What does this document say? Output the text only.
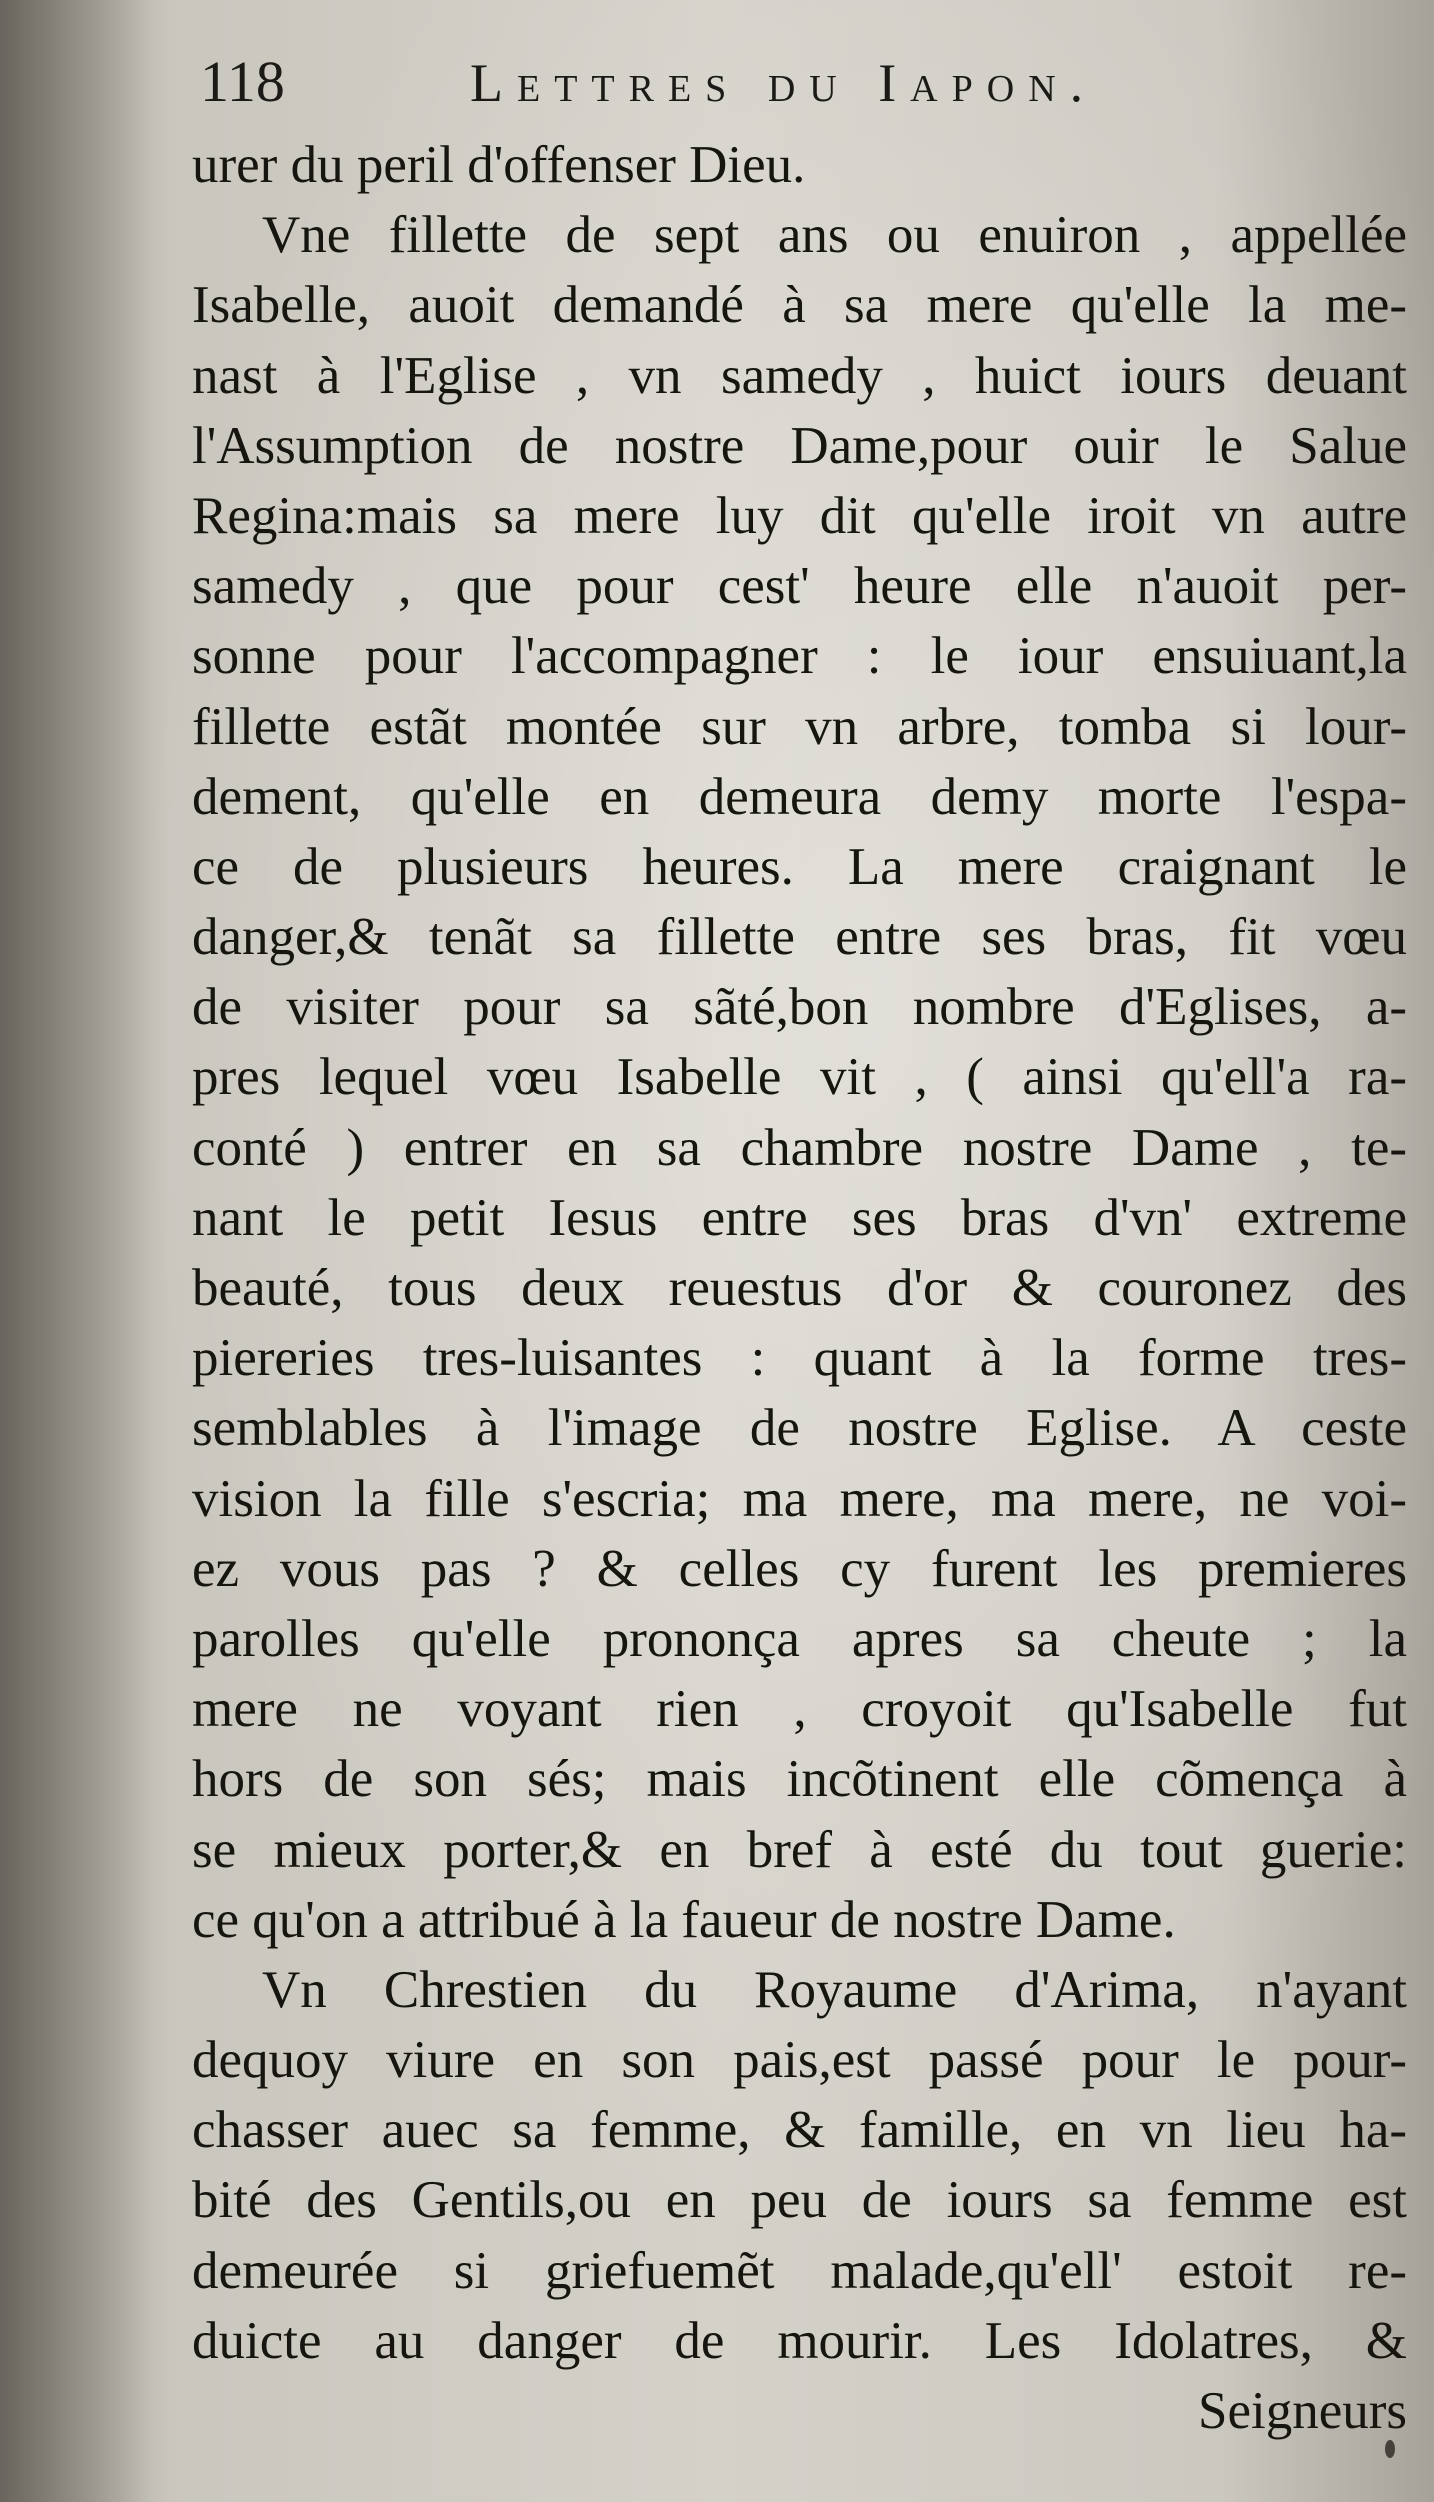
118	Lettres du Iapon.
urer du peril d'offenser Dieu.
Vne fillette de sept ans ou enuiron , appellée
Isabelle, auoit demandé à sa mere qu'elle la me-
nast à l'Eglise , vn samedy , huict iours deuant
l'Assumption de nostre Dame,pour ouir le Salue
Regina:mais sa mere luy dit qu'elle iroit vn autre
samedy , que pour cest' heure elle n'auoit per-
sonne pour l'accompagner : le iour ensuiuant,la
fillette estãt montée sur vn arbre, tomba si lour-
dement, qu'elle en demeura demy morte l'espa-
ce de plusieurs heures. La mere craignant le
danger,& tenãt sa fillette entre ses bras, fit vœu
de visiter pour sa sãté,bon nombre d'Eglises, a-
pres lequel vœu Isabelle vit , ( ainsi qu'ell'a ra-
conté ) entrer en sa chambre nostre Dame , te-
nant le petit Iesus entre ses bras d'vn' extreme
beauté, tous deux reuestus d'or & couronez des
piereries tres-luisantes : quant à la forme tres-
semblables à l'image de nostre Eglise. A ceste
vision la fille s'escria; ma mere, ma mere, ne voi-
ez vous pas ? & celles cy furent les premieres
parolles qu'elle prononça apres sa cheute ; la
mere ne voyant rien , croyoit qu'Isabelle fut
hors de son sés; mais incõtinent elle cõmença à
se mieux porter,& en bref à esté du tout guerie:
ce qu'on a attribué à la faueur de nostre Dame.
Vn Chrestien du Royaume d'Arima, n'ayant
dequoy viure en son pais,est passé pour le pour-
chasser auec sa femme, & famille, en vn lieu ha-
bité des Gentils,ou en peu de iours sa femme est
demeurée si griefuemẽt malade,qu'ell' estoit re-
duicte au danger de mourir. Les Idolatres, &
Seigneurs
